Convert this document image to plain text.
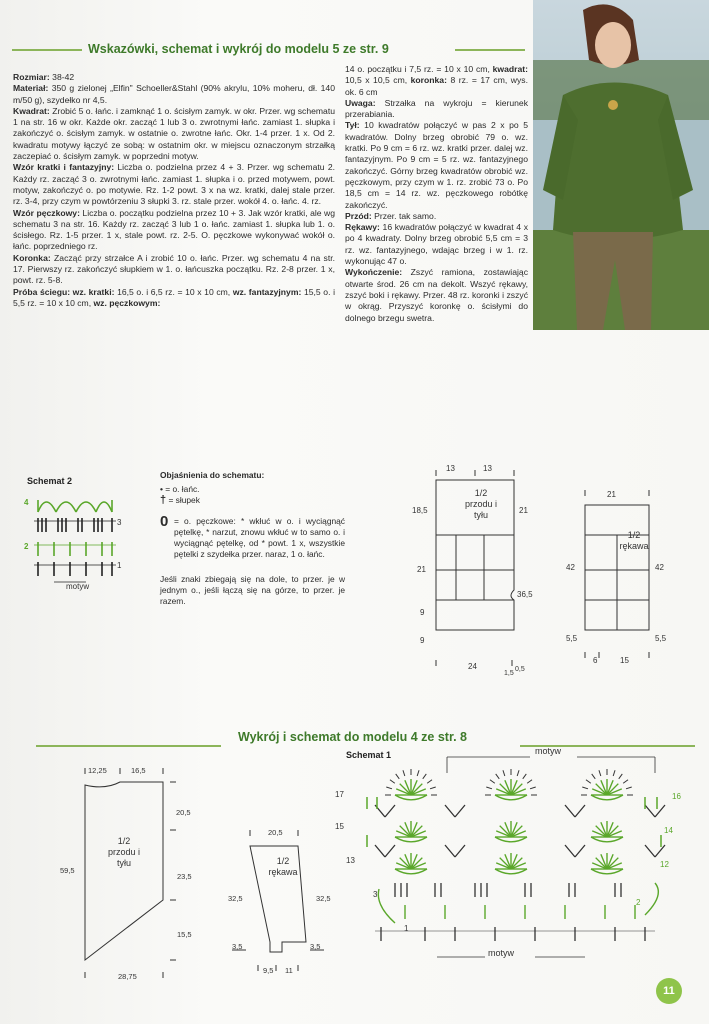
Wskazówki, schemat i wykrój do modelu 5 ze str. 9

Rozmiar: 38-42

Materiał: 350 g zielonej „Elfin" Schoeller&Stahl (90% akrylu, 10% moheru, dł. 140 m/50 g), szydełko nr 4,5.

Kwadrat: Zrobić 5 o. łańc. i zamknąć 1 o. ścisłym zamyk. w okr. Przer. wg schematu 1 na str. 16 w okr. Każde okr. zacząć 1 lub 3 o. zwrotnymi łańc. zamiast 1. słupka i zakończyć o. ścisłym zamyk. w ostatnie o. zwrotne łańc. Okr. 1-4 przer. 1 x. Od 2. kwadratu motywy łączyć ze sobą: w ostatnim okr. w miejscu oznaczonym strzałką zaczepiać o. ścisłym zamyk. w poprzedni motyw.

Wzór kratki i fantazyjny: Liczba o. podzielna przez 4 + 3. Przer. wg schematu 2. Każdy rz. zacząć 3 o. zwrotnymi łańc. zamiast 1. słupka i o. przed motywem, powt. motyw, zakończyć o. po motywie. Rz. 1-2 powt. 3 x na wz. kratki, dalej stale przer. rz. 3-4, przy czym w powtórzeniu 3 słupki 3. rz. stale przer. wokół 4. o. łańc. 4. rz.

Wzór pęczkowy: Liczba o. początku podzielna przez 10 + 3. Jak wzór kratki, ale wg schematu 3 na str. 16. Każdy rz. zacząć 3 lub 1 o. łańc. zamiast 1. słupka lub 1. o. ścisłego. Rz. 1-5 przer. 1 x, stale powt. rz. 2-5. O. pęczkowe wykonywać wokół o. łańc. poprzedniego rz.

Koronka: Zacząć przy strzałce A i zrobić 10 o. łańc. Przer. wg schematu 4 na str. 17. Pierwszy rz. zakończyć słupkiem w 1. o. łańcuszka początku. Rz. 2-8 przer. 1 x, powt. rz. 5-8.

Próba ściegu: wz. kratki: 16,5 o. i 6,5 rz. = 10 x 10 cm, wz. fantazyjnym: 15,5 o. i 5,5 rz. = 10 x 10 cm, wz. pęczkowym:

14 o. początku i 7,5 rz. = 10 x 10 cm, kwadrat: 10,5 x 10,5 cm, koronka: 8 rz. = 17 cm, wys. ok. 6 cm

Uwaga: Strzałka na wykroju = kierunek przerabiania.

Tył: 10 kwadratów połączyć w pas 2 x po 5 kwadratów. Dolny brzeg obrobić 79 o. wz. kratki. Po 9 cm = 6 rz. wz. kratki przer. dalej wz. fantazyjnym. Po 9 cm = 5 rz. wz. fantazyjnego zakończyć. Górny brzeg kwadratów obrobić wz. pęczkowym, przy czym w 1. rz. zrobić 73 o. Po 18,5 cm = 14 rz. wz. pęczkowego robótkę zakończyć.

Przód: Przer. tak samo.

Rękawy: 16 kwadratów połączyć w kwadrat 4 x po 4 kwadraty. Dolny brzeg obrobić 5,5 cm = 3 rz. wz. fantazyjnego, wdając brzeg i w 1. rz. wykonując 47 o.

Wykończenie: Zszyć ramiona, zostawiając otwarte środ. 26 cm na dekolt. Wszyć rękawy, zszyć boki i rękawy. Przer. 48 rz. koronki i zszyć w okrąg. Przyszyć koronkę o. ścisłymi do dolnego brzegu swetra.

Schemat 2
4
3
2
1
motyw
Objaśnienia do schematu:
• = o. łańc.
† = słupek
0 = o. pęczkowe: * wkłuć w o. i wyciągnąć pętelkę, * narzut, znowu wkłuć w to samo o. i wyciągnąć pętelkę, od * powt. 1 x, wszystkie pętelki z szydełka przer. naraz, 1 o. łańc.
Jeśli znaki zbiegają się na dole, to przer. je w jednym o., jeśli łączą się na górze, to przer. je razem.
13	13
1/2 przodu i tyłu
18,5	21
21
36,5
9
9
24
1,5
0,5
21
1/2 rękawa
42	42
5,5	5,5
6	15
Wykrój i schemat do modelu 4 ze str. 8
12,25	16,5
20,5
1/2 przodu i tyłu
59,5
23,5
15,5
28,75
20,5
1/2 rękawa
32,5	32,5
3,5	3,5
9,5 11
Schemat 1	motyw
17
15
13
3
1
16
14
12
2
motyw
11
